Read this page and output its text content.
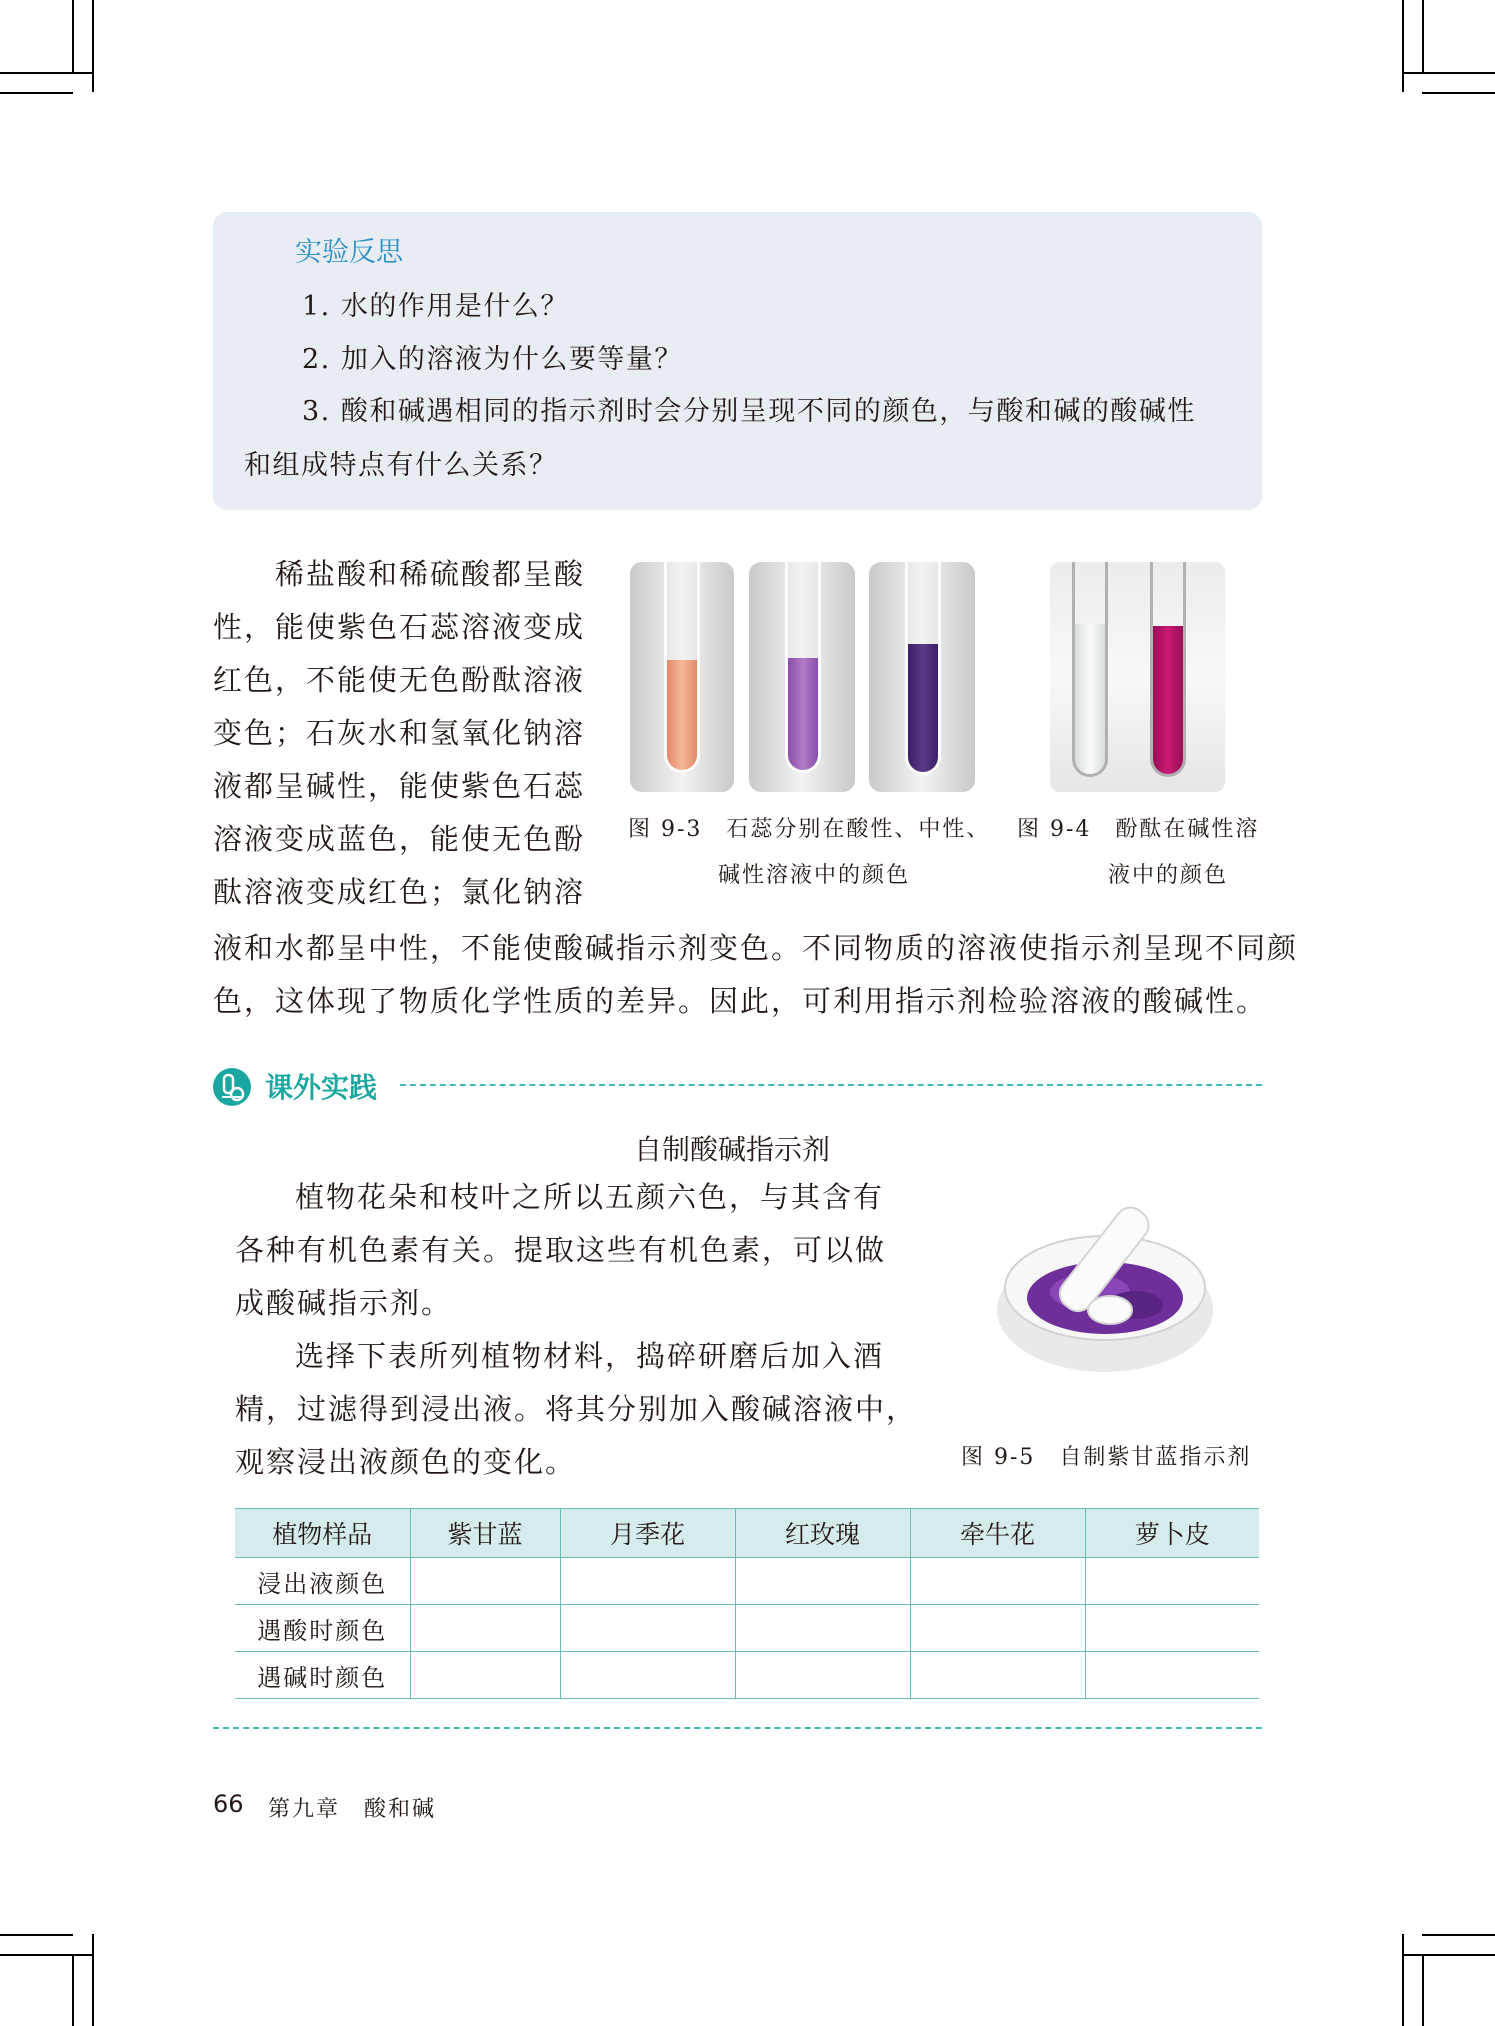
实验反思
1. 水的作用是什么？
2. 加入的溶液为什么要等量？
3. 酸和碱遇相同的指示剂时会分别呈现不同的颜色，与酸和碱的酸碱性
和组成特点有什么关系？
稀盐酸和稀硫酸都呈酸
性，能使紫色石蕊溶液变成
红色，不能使无色酚酞溶液
变色；石灰水和氢氧化钠溶
液都呈碱性，能使紫色石蕊
溶液变成蓝色，能使无色酚
酞溶液变成红色；氯化钠溶
液和水都呈中性，不能使酸碱指示剂变色。不同物质的溶液使指示剂呈现不同颜
色，这体现了物质化学性质的差异。因此，可利用指示剂检验溶液的酸碱性。
图 9-3　石蕊分别在酸性、中性、
碱性溶液中的颜色
图 9-4　酚酞在碱性溶
液中的颜色
课外实践
自制酸碱指示剂
植物花朵和枝叶之所以五颜六色，与其含有
各种有机色素有关。提取这些有机色素，可以做
成酸碱指示剂。
选择下表所列植物材料，捣碎研磨后加入酒
精，过滤得到浸出液。将其分别加入酸碱溶液中，
观察浸出液颜色的变化。	图 9-5　自制紫甘蓝指示剂
植物样品	紫甘蓝	月季花	红玫瑰	牵牛花	萝卜皮
浸出液颜色					
遇酸时颜色					
遇碱时颜色					
66 第九章　酸和碱
